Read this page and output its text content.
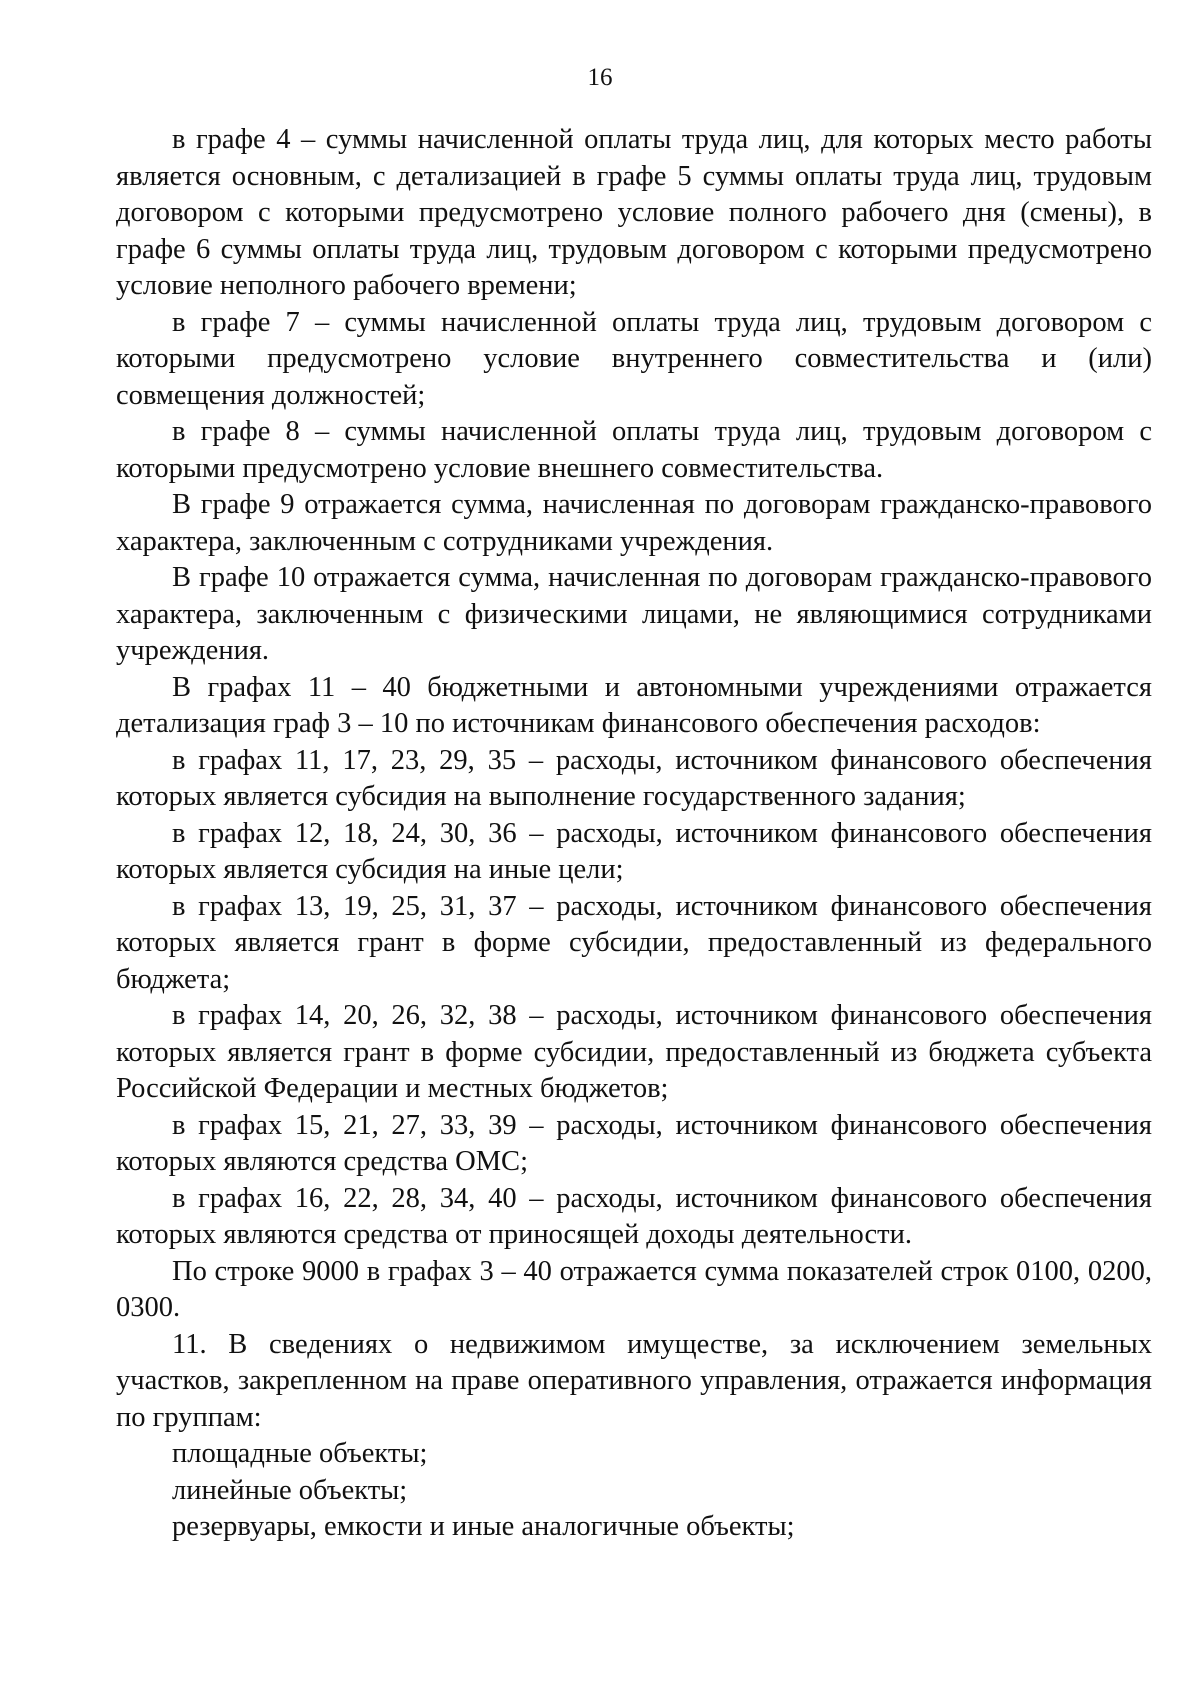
16

в графе 4 – суммы начисленной оплаты труда лиц, для которых место работы является основным, с детализацией в графе 5 суммы оплаты труда лиц, трудовым договором с которыми предусмотрено условие полного рабочего дня (смены), в графе 6 суммы оплаты труда лиц, трудовым договором с которыми предусмотрено условие неполного рабочего времени;

в графе 7 – суммы начисленной оплаты труда лиц, трудовым договором с которыми предусмотрено условие внутреннего совместительства и (или) совмещения должностей;

в графе 8 – суммы начисленной оплаты труда лиц, трудовым договором с которыми предусмотрено условие внешнего совместительства.

В графе 9 отражается сумма, начисленная по договорам гражданско-правового характера, заключенным с сотрудниками учреждения.

В графе 10 отражается сумма, начисленная по договорам гражданско-правового характера, заключенным с физическими лицами, не являющимися сотрудниками учреждения.

В графах 11 – 40 бюджетными и автономными учреждениями отражается детализация граф 3 – 10 по источникам финансового обеспечения расходов:

в графах 11, 17, 23, 29, 35 – расходы, источником финансового обеспечения которых является субсидия на выполнение государственного задания;

в графах 12, 18, 24, 30, 36 – расходы, источником финансового обеспечения которых является субсидия на иные цели;

в графах 13, 19, 25, 31, 37 – расходы, источником финансового обеспечения которых является грант в форме субсидии, предоставленный из федерального бюджета;

в графах 14, 20, 26, 32, 38 – расходы, источником финансового обеспечения которых является грант в форме субсидии, предоставленный из бюджета субъекта Российской Федерации и местных бюджетов;

в графах 15, 21, 27, 33, 39 – расходы, источником финансового обеспечения которых являются средства ОМС;

в графах 16, 22, 28, 34, 40 – расходы, источником финансового обеспечения которых являются средства от приносящей доходы деятельности.

По строке 9000 в графах 3 – 40 отражается сумма показателей строк 0100, 0200, 0300.

11. В сведениях о недвижимом имуществе, за исключением земельных участков, закрепленном на праве оперативного управления, отражается информация по группам:

площадные объекты;

линейные объекты;

резервуары, емкости и иные аналогичные объекты;
